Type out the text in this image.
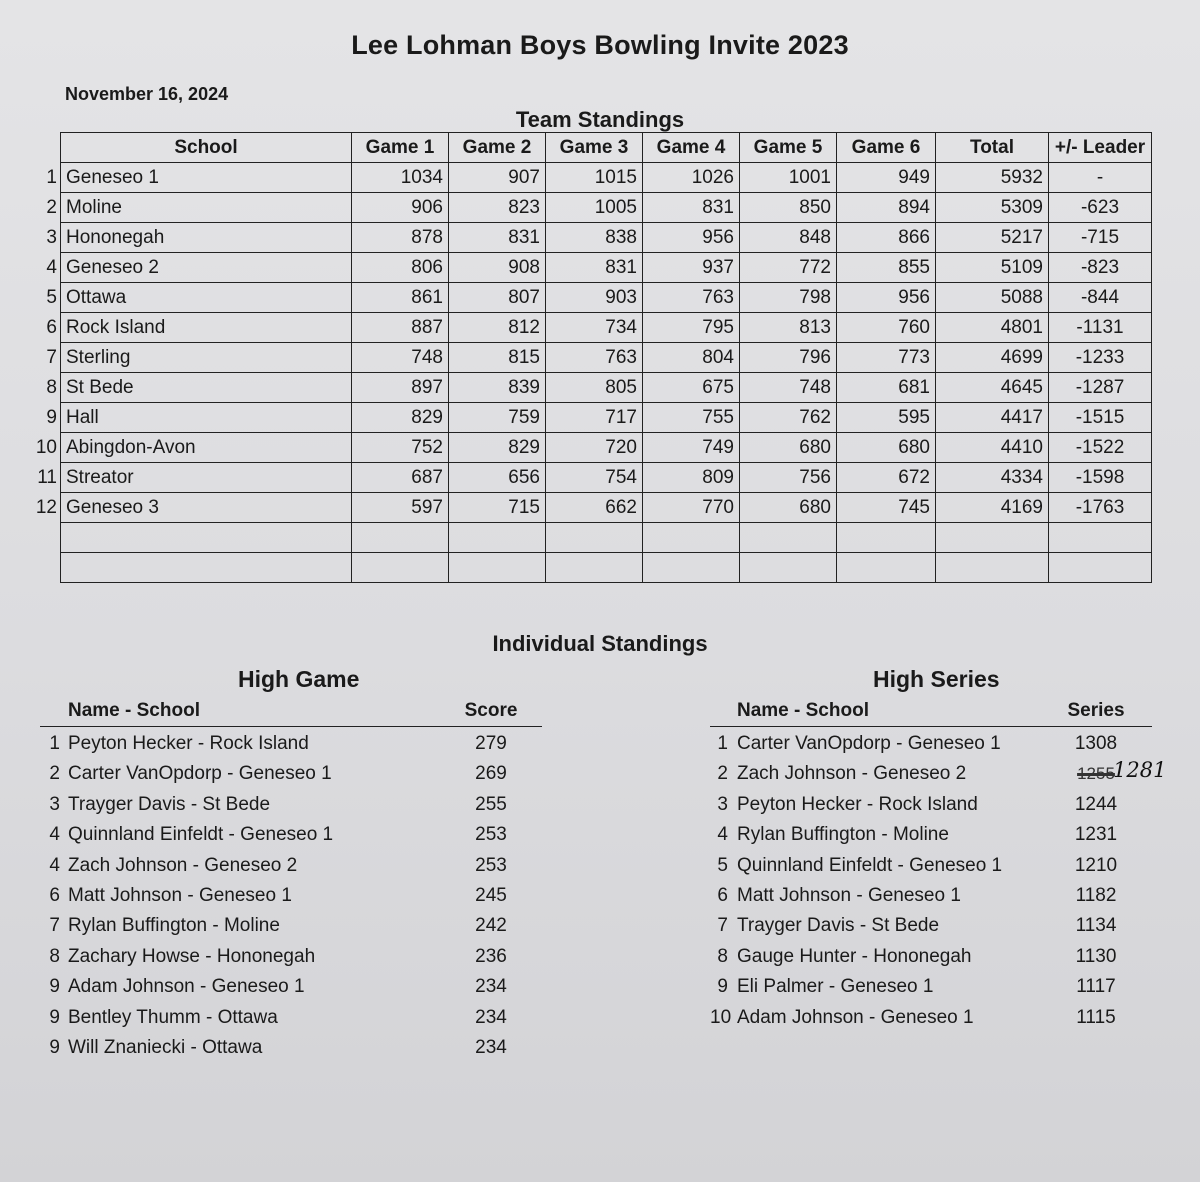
Lee Lohman Boys Bowling Invite 2023
November 16, 2024
Team Standings
School	Game 1	Game 2	Game 3	Game 4	Game 5	Game 6	Total	+/- Leader

1 Geneseo 1	1034	907	1015	1026	1001	949	5932	-

2 Moline	906	823	1005	831	850	894	5309	-623

3 Hononegah	878	831	838	956	848	866	5217	-715

4 Geneseo 2	806	908	831	937	772	855	5109	-823

5 Ottawa	861	807	903	763	798	956	5088	-844

6 Rock Island	887	812	734	795	813	760	4801	-1131

7 Sterling	748	815	763	804	796	773	4699	-1233

8 St Bede	897	839	805	675	748	681	4645	-1287

9 Hall	829	759	717	755	762	595	4417	-1515

10 Abingdon-Avon	752	829	720	749	680	680	4410	-1522

11 Streator	687	656	754	809	756	672	4334	-1598

12 Geneseo 3	597	715	662	770	680	745	4169	-1763

Individual Standings
High Game	High Series
Name - School	Score
1 Peyton Hecker - Rock Island	279
2 Carter VanOpdorp - Geneseo 1	269
3 Trayger Davis - St Bede	255
4 Quinnland Einfeldt - Geneseo 1	253
4 Zach Johnson - Geneseo 2	253
6 Matt Johnson - Geneseo 1	245
7 Rylan Buffington - Moline	242
8 Zachary Howse - Hononegah	236
9 Adam Johnson - Geneseo 1	234
9 Bentley Thumm - Ottawa	234
9 Will Znaniecki - Ottawa	234
Name - School	Series
1 Carter VanOpdorp - Geneseo 1	1308
2 Zach Johnson - Geneseo 2	1255
1281
3 Peyton Hecker - Rock Island	1244
4 Rylan Buffington - Moline	1231
5 Quinnland Einfeldt - Geneseo 1	1210
6 Matt Johnson - Geneseo 1	1182
7 Trayger Davis - St Bede	1134
8 Gauge Hunter - Hononegah	1130
9 Eli Palmer - Geneseo 1	1117
10 Adam Johnson - Geneseo 1	1115
